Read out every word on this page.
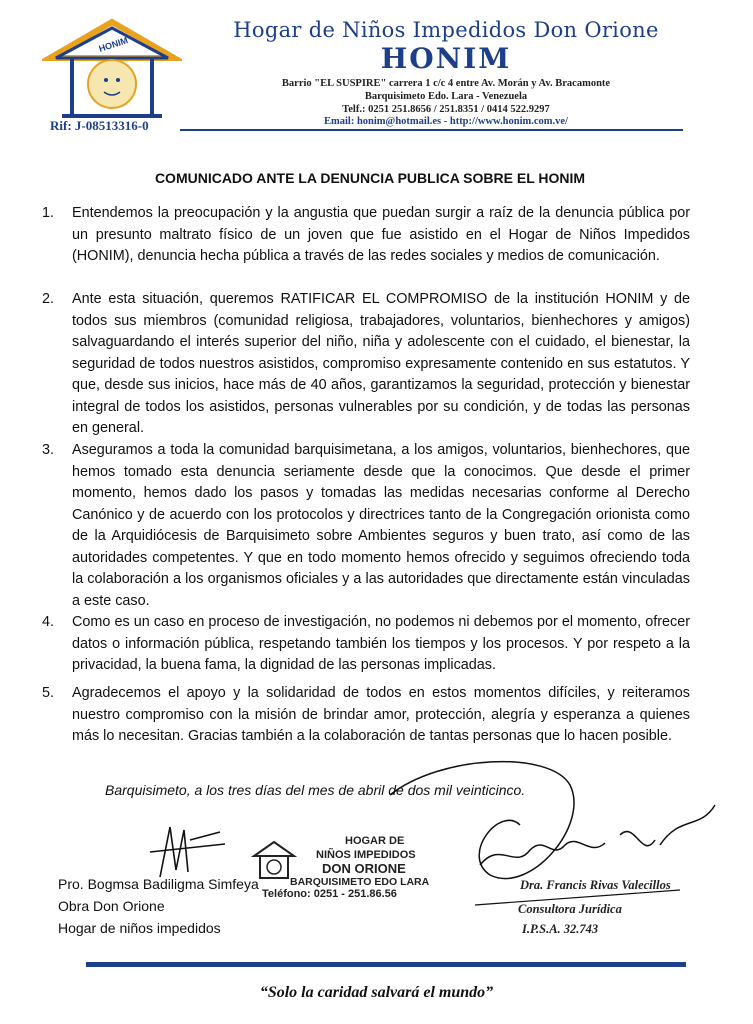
HONIM
Rif: J-08513316-0
Hogar de Niños Impedidos Don Orione
HONIM
Barrio "EL SUSPIRE" carrera 1 c/c 4 entre Av. Morán y Av. Bracamonte
Barquisimeto Edo. Lara - Venezuela
Telf.: 0251 251.8656 / 251.8351 / 0414 522.9297
Email: honim@hotmail.es - http://www.honim.com.ve/
COMUNICADO ANTE LA DENUNCIA PUBLICA SOBRE EL HONIM
1. Entendemos la preocupación y la angustia que puedan surgir a raíz de la denuncia pública por un presunto maltrato físico de un joven que fue asistido en el Hogar de Niños Impedidos (HONIM), denuncia hecha pública a través de las redes sociales y medios de comunicación.
2. Ante esta situación, queremos RATIFICAR EL COMPROMISO de la institución HONIM y de todos sus miembros (comunidad religiosa, trabajadores, voluntarios, bienhechores y amigos) salvaguardando el interés superior del niño, niña y adolescente con el cuidado, el bienestar, la seguridad de todos nuestros asistidos, compromiso expresamente contenido en sus estatutos. Y que, desde sus inicios, hace más de 40 años, garantizamos la seguridad, protección y bienestar integral de todos los asistidos, personas vulnerables por su condición, y de todas las personas en general.
3. Aseguramos a toda la comunidad barquisimetana, a los amigos, voluntarios, bienhechores, que hemos tomado esta denuncia seriamente desde que la conocimos. Que desde el primer momento, hemos dado los pasos y tomadas las medidas necesarias conforme al Derecho Canónico y de acuerdo con los protocolos y directrices tanto de la Congregación orionista como de la Arquidiócesis de Barquisimeto sobre Ambientes seguros y buen trato, así como de las autoridades competentes. Y que en todo momento hemos ofrecido y seguimos ofreciendo toda la colaboración a los organismos oficiales y a las autoridades que directamente están vinculadas a este caso.
4. Como es un caso en proceso de investigación, no podemos ni debemos por el momento, ofrecer datos o información pública, respetando también los tiempos y los procesos. Y por respeto a la privacidad, la buena fama, la dignidad de las personas implicadas.
5. Agradecemos el apoyo y la solidaridad de todos en estos momentos difíciles, y reiteramos nuestro compromiso con la misión de brindar amor, protección, alegría y esperanza a quienes más lo necesitan. Gracias también a la colaboración de tantas personas que lo hacen posible.
Barquisimeto, a los tres días del mes de abril de dos mil veinticinco.
HOGAR DE
NIÑOS IMPEDIDOS
DON ORIONE
BARQUISIMETO EDO LARA
Teléfono: 0251 - 251.86.56
Pro. Bogmsa Badiligma Simfeya
Obra Don Orione
Hogar de niños impedidos
Dra. Francis Rivas Valecillos
Consultora Jurídica
I.P.S.A. 32.743
“Solo la caridad salvará el mundo”
